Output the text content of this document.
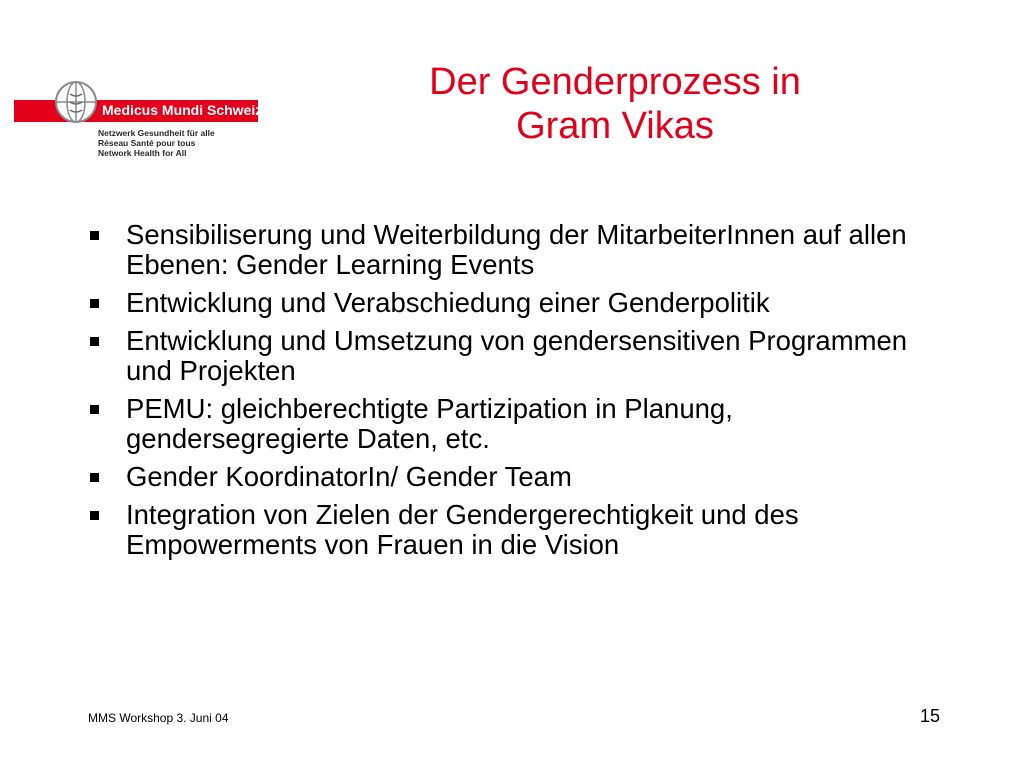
Medicus Mundi Schweiz
Netzwerk Gesundheit für alle
Réseau Santé pour tous
Network Health for All
Der Genderprozess in
Gram Vikas
Sensibiliserung und Weiterbildung der MitarbeiterInnen auf allen Ebenen: Gender Learning Events
Entwicklung und Verabschiedung einer Genderpolitik
Entwicklung und Umsetzung von gendersensitiven Programmen und Projekten
PEMU: gleichberechtigte Partizipation in Planung, gendersegregierte Daten, etc.
Gender KoordinatorIn/ Gender Team
Integration von Zielen der Gendergerechtigkeit und des Empowerments von Frauen in die Vision
MMS Workshop 3. Juni 04	15
